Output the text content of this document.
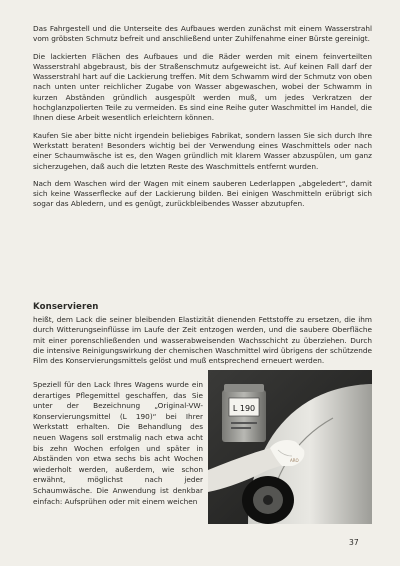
Das Fahrgestell und die Unterseite des Aufbaues werden zunächst mit einem Wasserstrahl vom gröbsten Schmutz befreit und anschließend unter Zuhilfenahme einer Bürste gereinigt.

Die lackierten Flächen des Aufbaues und die Räder werden mit einem feinverteilten Wasserstrahl abgebraust, bis der Straßenschmutz aufgeweicht ist. Auf keinen Fall darf der Wasserstrahl hart auf die Lackierung treffen. Mit dem Schwamm wird der Schmutz von oben nach unten unter reichlicher Zugabe von Wasser abgewaschen, wobei der Schwamm in kurzen Abständen gründlich ausgespült werden muß, um jedes Verkratzen der hochglanzpolierten Teile zu vermeiden. Es sind eine Reihe guter Waschmittel im Handel, die Ihnen diese Arbeit wesentlich erleichtern können.

Kaufen Sie aber bitte nicht irgendein beliebiges Fabrikat, sondern lassen Sie sich durch Ihre Werkstatt beraten! Besonders wichtig bei der Verwendung eines Waschmittels oder nach einer Schaumwäsche ist es, den Wagen gründlich mit klarem Wasser abzuspülen, um ganz sicherzugehen, daß auch die letzten Reste des Waschmittels entfernt wurden.

Nach dem Waschen wird der Wagen mit einem sauberen Lederlappen „abgeledert“, damit sich keine Wasserflecke auf der Lackierung bilden. Bei einigen Waschmitteln erübrigt sich sogar das Abledern, und es genügt, zurückbleibendes Wasser abzutupfen.

Konservieren

heißt, dem Lack die seiner bleibenden Elastizität dienenden Fettstoffe zu ersetzen, die ihm durch Witterungseinflüsse im Laufe der Zeit entzogen werden, und die saubere Oberfläche mit einer porenschließenden und wasserabweisenden Wachsschicht zu überziehen. Durch die intensive Reinigungswirkung der chemischen Waschmittel wird übrigens der schützende Film des Konservierungsmittels gelöst und muß entsprechend erneuert werden.

Speziell für den Lack Ihres Wagens wurde ein derartiges Pflegemittel geschaffen, das Sie unter der Bezeichnung „Original-VW-Konservierungsmittel (L 190)“ bei Ihrer Werkstatt erhalten. Die Behandlung des neuen Wagens soll erstmalig nach etwa acht bis zehn Wochen erfolgen und später in Abständen von etwa sechs bis acht Wochen wiederholt werden, außerdem, wie schon erwähnt, möglichst nach jeder Schaumwäsche. Die Anwendung ist denkbar einfach: Aufsprühen oder mit einem weichen

L 190
ARO
37
